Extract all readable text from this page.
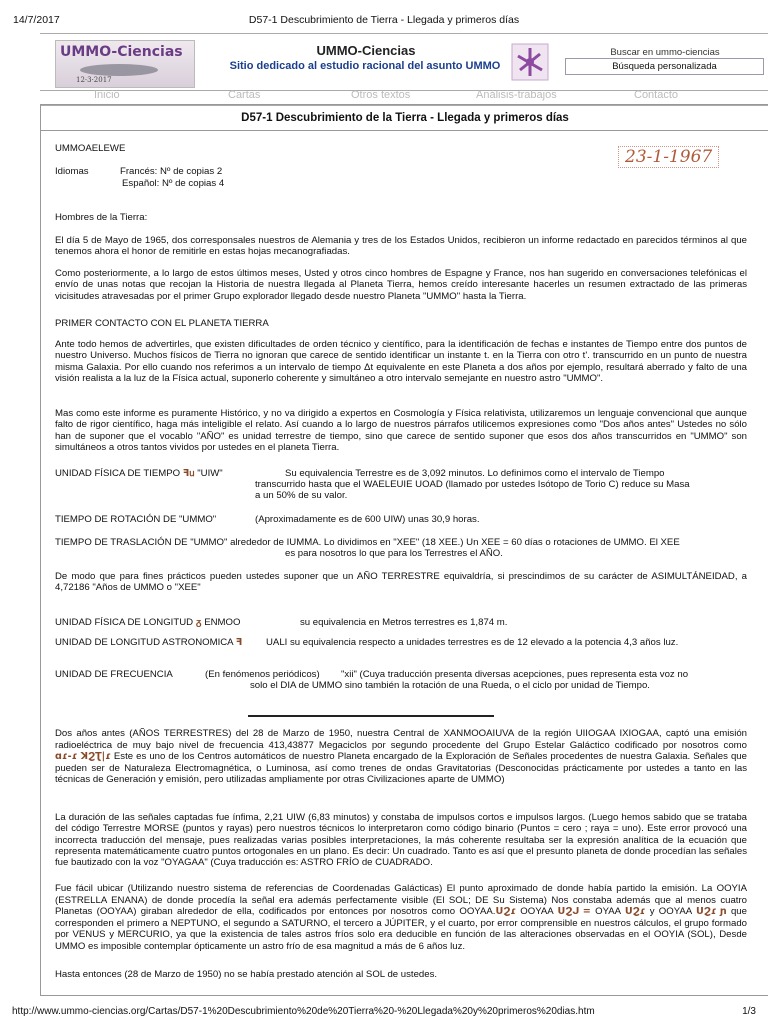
14/7/2017	D57-1 Descubrimiento de Tierra - Llegada y primeros días
UMMO-Ciencias
12·3·2017
UMMO-Ciencias
Sitio dedicado al estudio racional del asunto UMMO
Buscar en ummo-ciencias
Búsqueda personalizada
Inicio	Cartas	Otros textos	Análisis-trabajos	Contacto
D57-1 Descubrimiento de la Tierra - Llegada y primeros días
23-1-1967

UMMOAELEWE

Idiomas	Francés: Nº de copias 2

Español: Nº de copias 4

Hombres de la Tierra:

El día 5 de Mayo de 1965, dos corresponsales nuestros de Alemania y tres de los Estados Unidos, recibieron un informe redactado en parecidos términos al que tenemos ahora el honor de remitirle en estas hojas mecanografiadas.

Como posteriormente, a lo largo de estos últimos meses, Usted y otros cinco hombres de Espagne y France, nos han sugerido en conversaciones telefónicas el envío de unas notas que recojan la Historia de nuestra llegada al Planeta Tierra, hemos creído interesante hacerles un resumen extractado de las primeras vicisitudes atravesadas por el primer Grupo explorador llegado desde nuestro Planeta "UMMO" hasta la Tierra.

PRIMER CONTACTO CON EL PLANETA TIERRA

Ante todo hemos de advertirles, que existen dificultades de orden técnico y científico, para la identificación de fechas e instantes de Tiempo entre dos puntos de nuestro Universo. Muchos físicos de Tierra no ignoran que carece de sentido identificar un instante t. en la Tierra con otro t'. transcurrido en un punto de nuestra misma Galaxia. Por ello cuando nos referimos a un intervalo de tiempo Δt equivalente en este Planeta a dos años por ejemplo, resultará aberrado y falto de una visión realista a la luz de la Física actual, suponerlo coherente y simultáneo a otro intervalo semejante en nuestro astro "UMMO".

Mas como este informe es puramente Histórico, y no va dirigido a expertos en Cosmología y Física relativista, utilizaremos un lenguaje convencional que aunque falto de rigor científico, haga más inteligible el relato. Así cuando a lo largo de nuestros párrafos utilicemos expresiones como "Dos años antes" Ustedes no sólo han de suponer que el vocablo "AÑO" es unidad terrestre de tiempo, sino que carece de sentido suponer que esos dos años transcurridos en "UMMO" son simultáneos a otros tantos vividos por ustedes en el planeta Tierra.

UNIDAD FÍSICA DE TIEMPO ꟻᥙ "UIW"	Su equivalencia Terrestre es de 3,092 minutos. Lo definimos como el intervalo de Tiempo

transcurrido hasta que el WAELEUIE UOAD (llamado por ustedes Isótopo de Torio C) reduce su Masa

a un 50% de su valor.

TIEMPO DE ROTACIÓN DE "UMMO"	(Aproximadamente es de 600 UIW) unas 30,9 horas.

TIEMPO DE TRASLACIÓN DE "UMMO" alrededor de IUMMA. Lo dividimos en "XEE" (18 XEE.) Un XEE = 60 días o rotaciones de UMMO. El XEE

es para nosotros lo que para los Terrestres el AÑO.

De modo que para fines prácticos pueden ustedes suponer que un AÑO TERRESTRE equivaldría, si prescindimos de su carácter de ASIMULTÁNEIDAD, a 4,72186 "Años de UMMO o "XEE"

UNIDAD FÍSICA DE LONGITUD ᵹ ENMOO	su equivalencia en Metros terrestres es 1,874 m.

UNIDAD DE LONGITUD ASTRONOMICA ꟻ	UALI su equivalencia respecto a unidades terrestres es de 12 elevado a la potencia 4,3 años luz.

UNIDAD DE FRECUENCIA	(En fenómenos periódicos)	"xii" (Cuya traducción presenta diversas acepciones, pues representa esta voz no

solo el DIA de UMMO sino también la rotación de una Rueda, o el ciclo por unidad de Tiempo.

Dos años antes (AÑOS TERRESTRES) del 28 de Marzo de 1950, nuestra Central de XANMOOAIUVA de la región UIIOGAA IXIOGAA, captó una emisión radioeléctrica de muy bajo nivel de frecuencia 413,43877 Megaciclos por segundo procedente del Grupo Estelar Galáctico codificado por nosotros como ɑɾ-ɾ ꓘϨƮ|ɾ Este es uno de los Centros automáticos de nuestro Planeta encargado de la Exploración de Señales procedentes de nuestra Galaxia. Señales que pueden ser de Naturaleza Electromagnética, o Luminosa, así como trenes de ondas Gravitatorias (Desconocidas prácticamente por ustedes a tanto en las técnicas de Generación y emisión, pero utilizadas ampliamente por otras Civilizaciones aparte de UMMO)

La duración de las señales captadas fue ínfima, 2,21 UIW (6,83 minutos) y constaba de impulsos cortos e impulsos largos. (Luego hemos sabido que se trataba del código Terrestre MORSE (puntos y rayas) pero nuestros técnicos lo interpretaron como código binario (Puntos = cero ; raya = uno). Este error provocó una incorrecta traducción del mensaje, pues realizadas varias posibles interpretaciones, la más coherente resultaba ser la expresión analítica de la ecuación que representa matemáticamente cuatro puntos ortogonales en un plano. Es decir: Un cuadrado. Tanto es así que el presunto planeta de donde procedían las señales fue bautizado con la voz "OYAGAA" (Cuya traducción es: ASTRO FRÍO de CUADRADO.

Fue fácil ubicar (Utilizando nuestro sistema de referencias de Coordenadas Galácticas) El punto aproximado de donde había partido la emisión. La OOYIA (ESTRELLA ENANA) de donde procedía la señal era además perfectamente visible (El SOL; DE Su Sistema) Nos constaba además que al menos cuatro Planetas (OOYAA) giraban alrededor de ella, codificados por entonces por nosotros como OOYAA.ᑌϨɾ OOYAA ᑌϨᒍ = OYAA ᑌϨɾ y OOYAA ᑌϨɾ ɲ que corresponden el primero a NEPTUNO, el segundo a SATURNO, el tercero a JÚPITER, y el cuarto, por error comprensible en nuestros cálculos, el grupo formado por VENUS y MERCURIO, ya que la existencia de tales astros fríos solo era deducible en función de las alteraciones observadas en el OOYIA (SOL), Desde UMMO es imposible contemplar ópticamente un astro frío de esa magnitud a más de 6 años luz.

Hasta entonces (28 de Marzo de 1950) no se había prestado atención al SOL de ustedes.

http://www.ummo-ciencias.org/Cartas/D57-1%20Descubrimiento%20de%20Tierra%20-%20Llegada%20y%20primeros%20dias.htm	1/3
